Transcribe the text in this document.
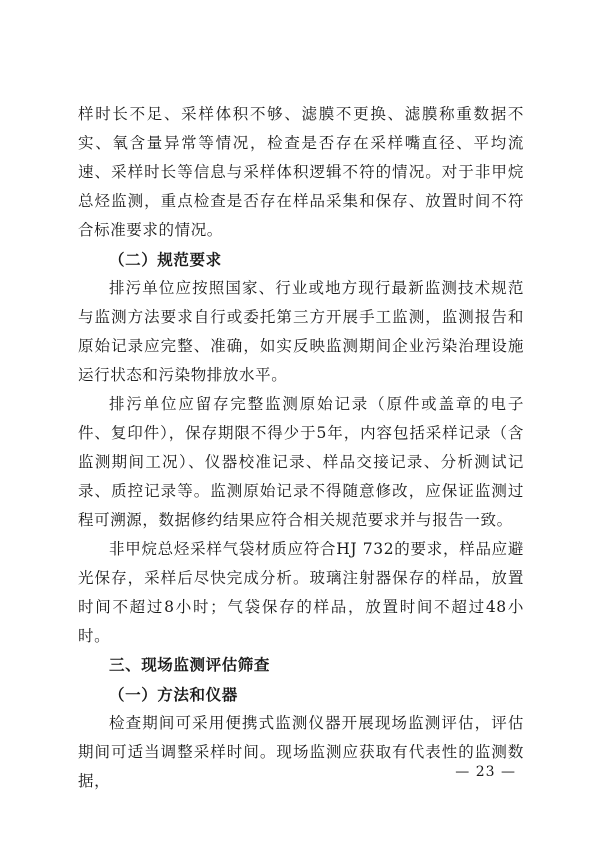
样时长不足、采样体积不够、滤膜不更换、滤膜称重数据不实、氧含量异常等情况，检查是否存在采样嘴直径、平均流速、采样时长等信息与采样体积逻辑不符的情况。对于非甲烷总烃监测，重点检查是否存在样品采集和保存、放置时间不符合标准要求的情况。

（二）规范要求

排污单位应按照国家、行业或地方现行最新监测技术规范与监测方法要求自行或委托第三方开展手工监测，监测报告和原始记录应完整、准确，如实反映监测期间企业污染治理设施运行状态和污染物排放水平。

排污单位应留存完整监测原始记录（原件或盖章的电子件、复印件），保存期限不得少于5年，内容包括采样记录（含监测期间工况）、仪器校准记录、样品交接记录、分析测试记录、质控记录等。监测原始记录不得随意修改，应保证监测过程可溯源，数据修约结果应符合相关规范要求并与报告一致。

非甲烷总烃采样气袋材质应符合HJ 732的要求，样品应避光保存，采样后尽快完成分析。玻璃注射器保存的样品，放置时间不超过8小时；气袋保存的样品，放置时间不超过48小时。

三、现场监测评估筛查

（一）方法和仪器

检查期间可采用便携式监测仪器开展现场监测评估，评估期间可适当调整采样时间。现场监测应获取有代表性的监测数据，	— 23 —
